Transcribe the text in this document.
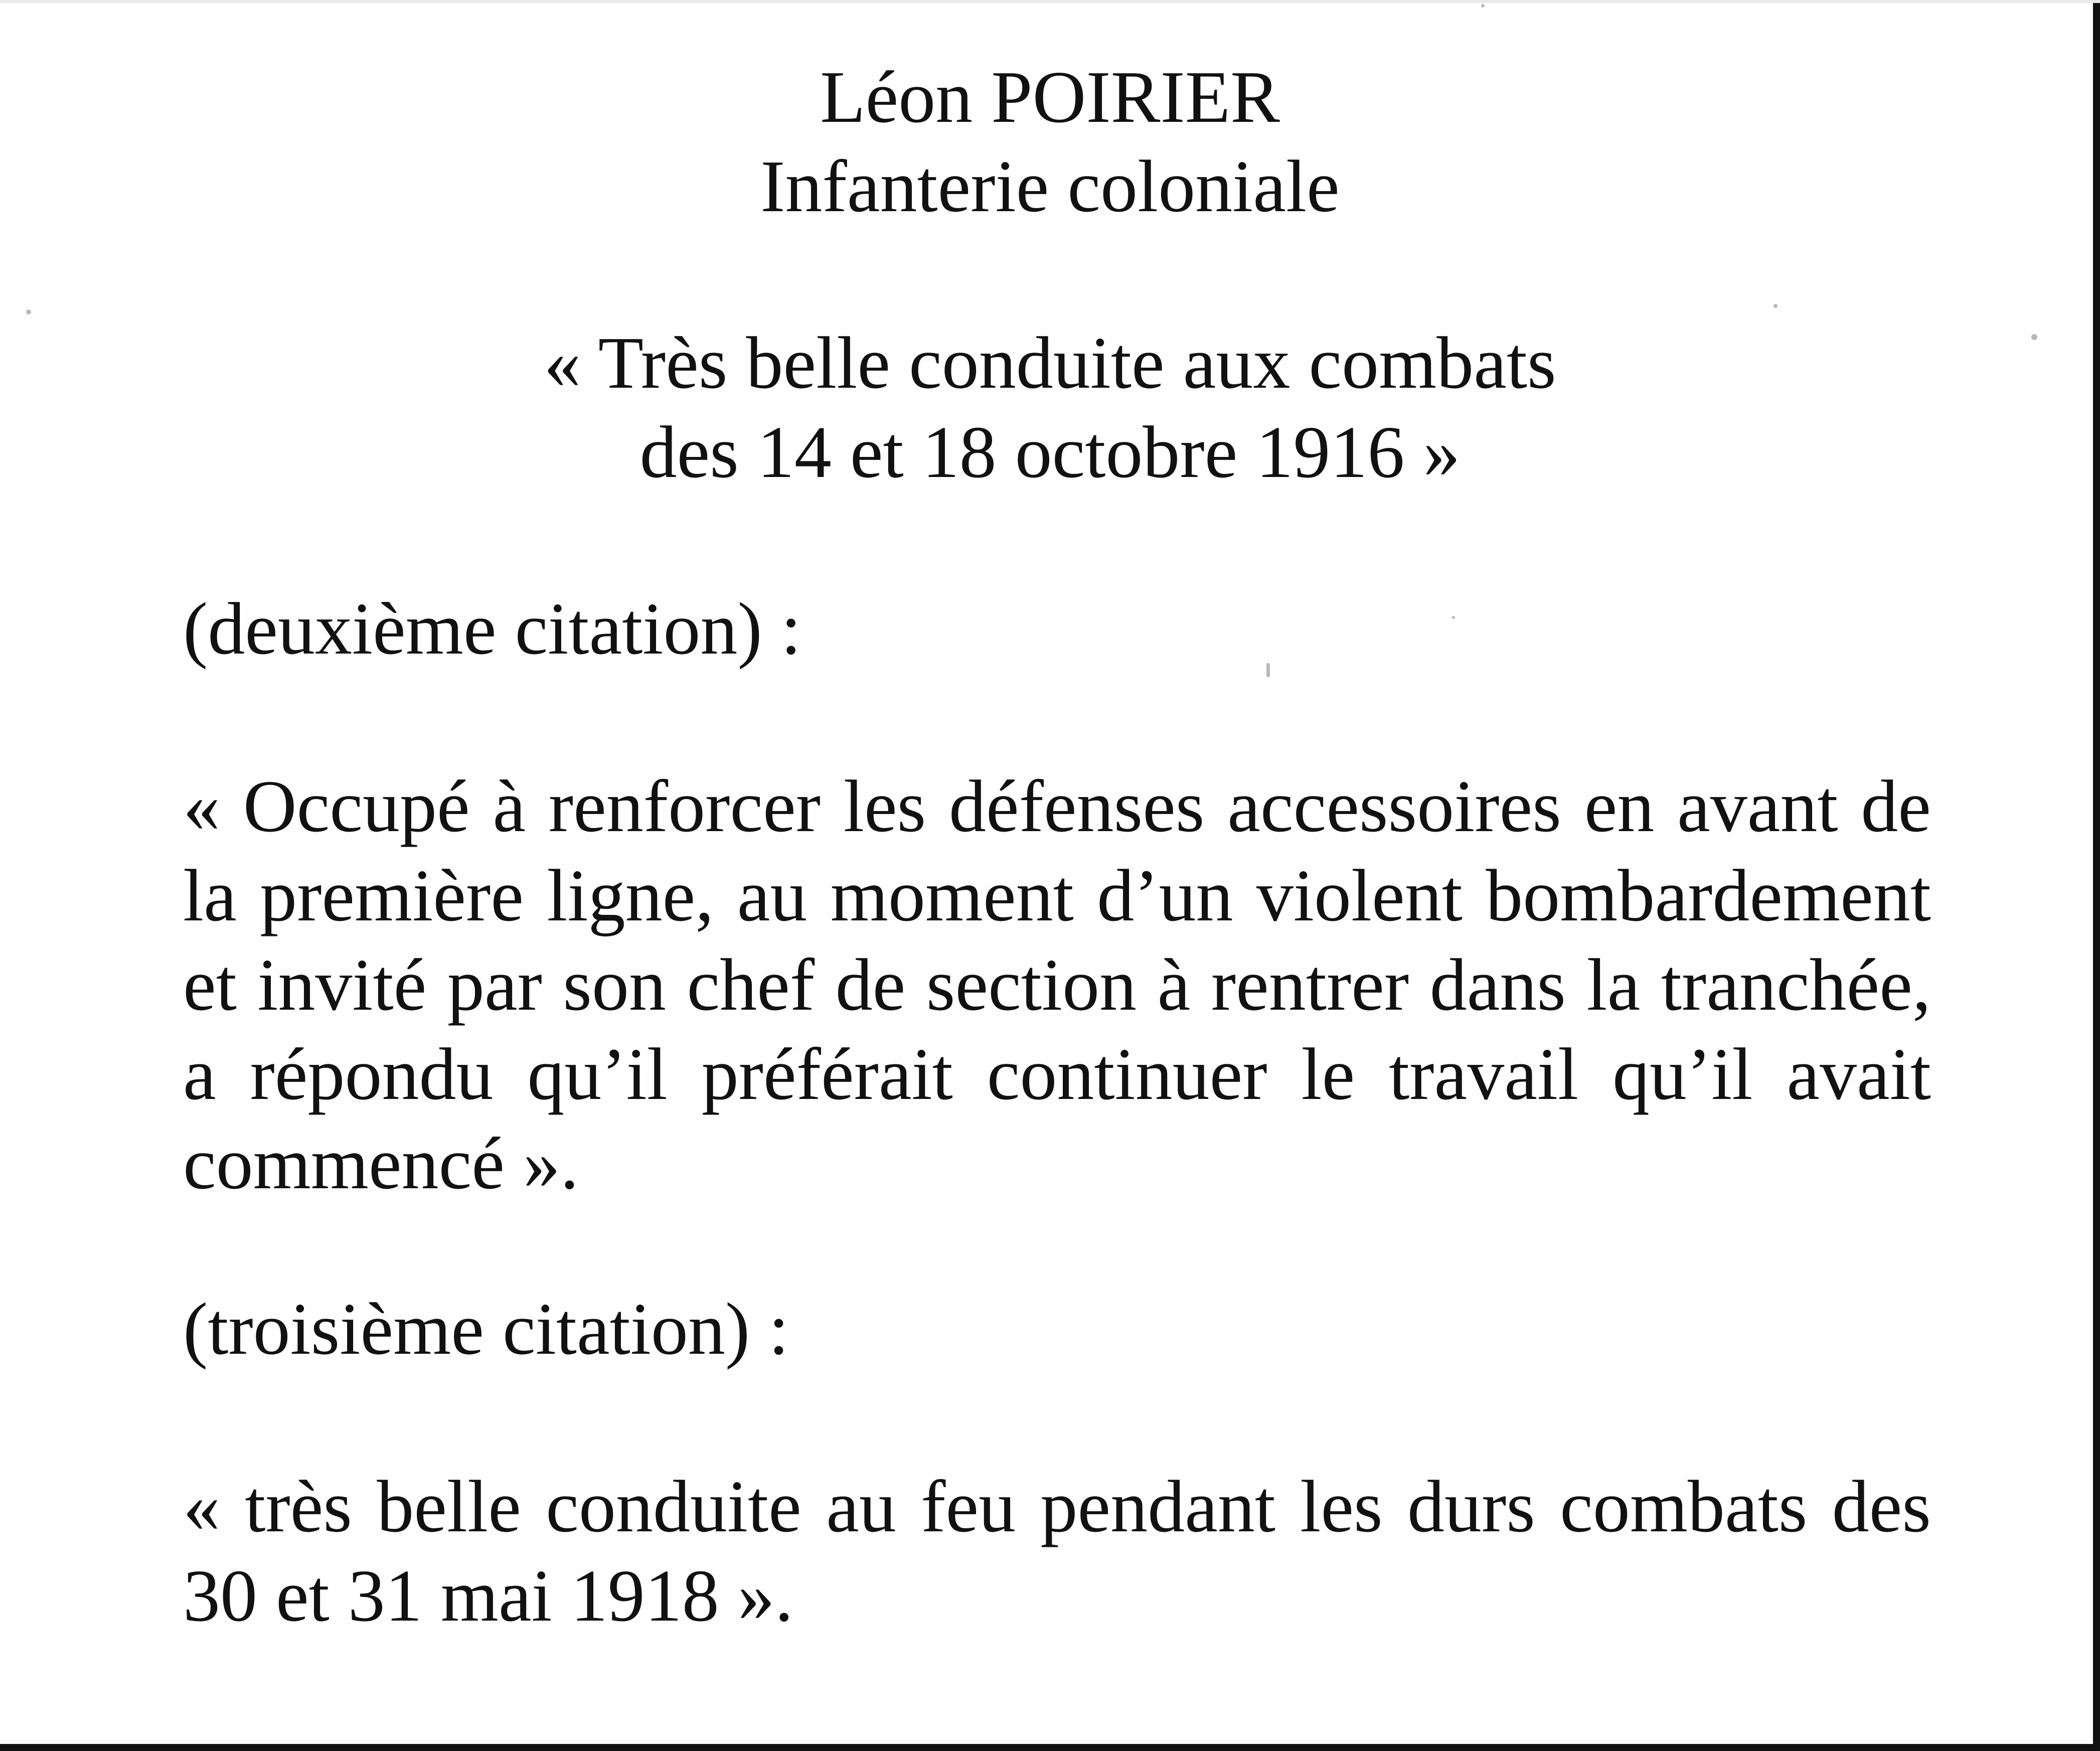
Léon POIRIER
Infanterie coloniale
« Très belle conduite aux combats
des 14 et 18 octobre 1916 »
(deuxième citation) :

« Occupé à renforcer les défenses accessoires en avant de la première ligne, au moment d’un violent bombardement et invité par son chef de section à rentrer dans la tranchée, a répondu qu’il préférait continuer le travail qu’il avait commencé ».

(troisième citation) :

« très belle conduite au feu pendant les durs combats des 30 et 31 mai 1918 ».
